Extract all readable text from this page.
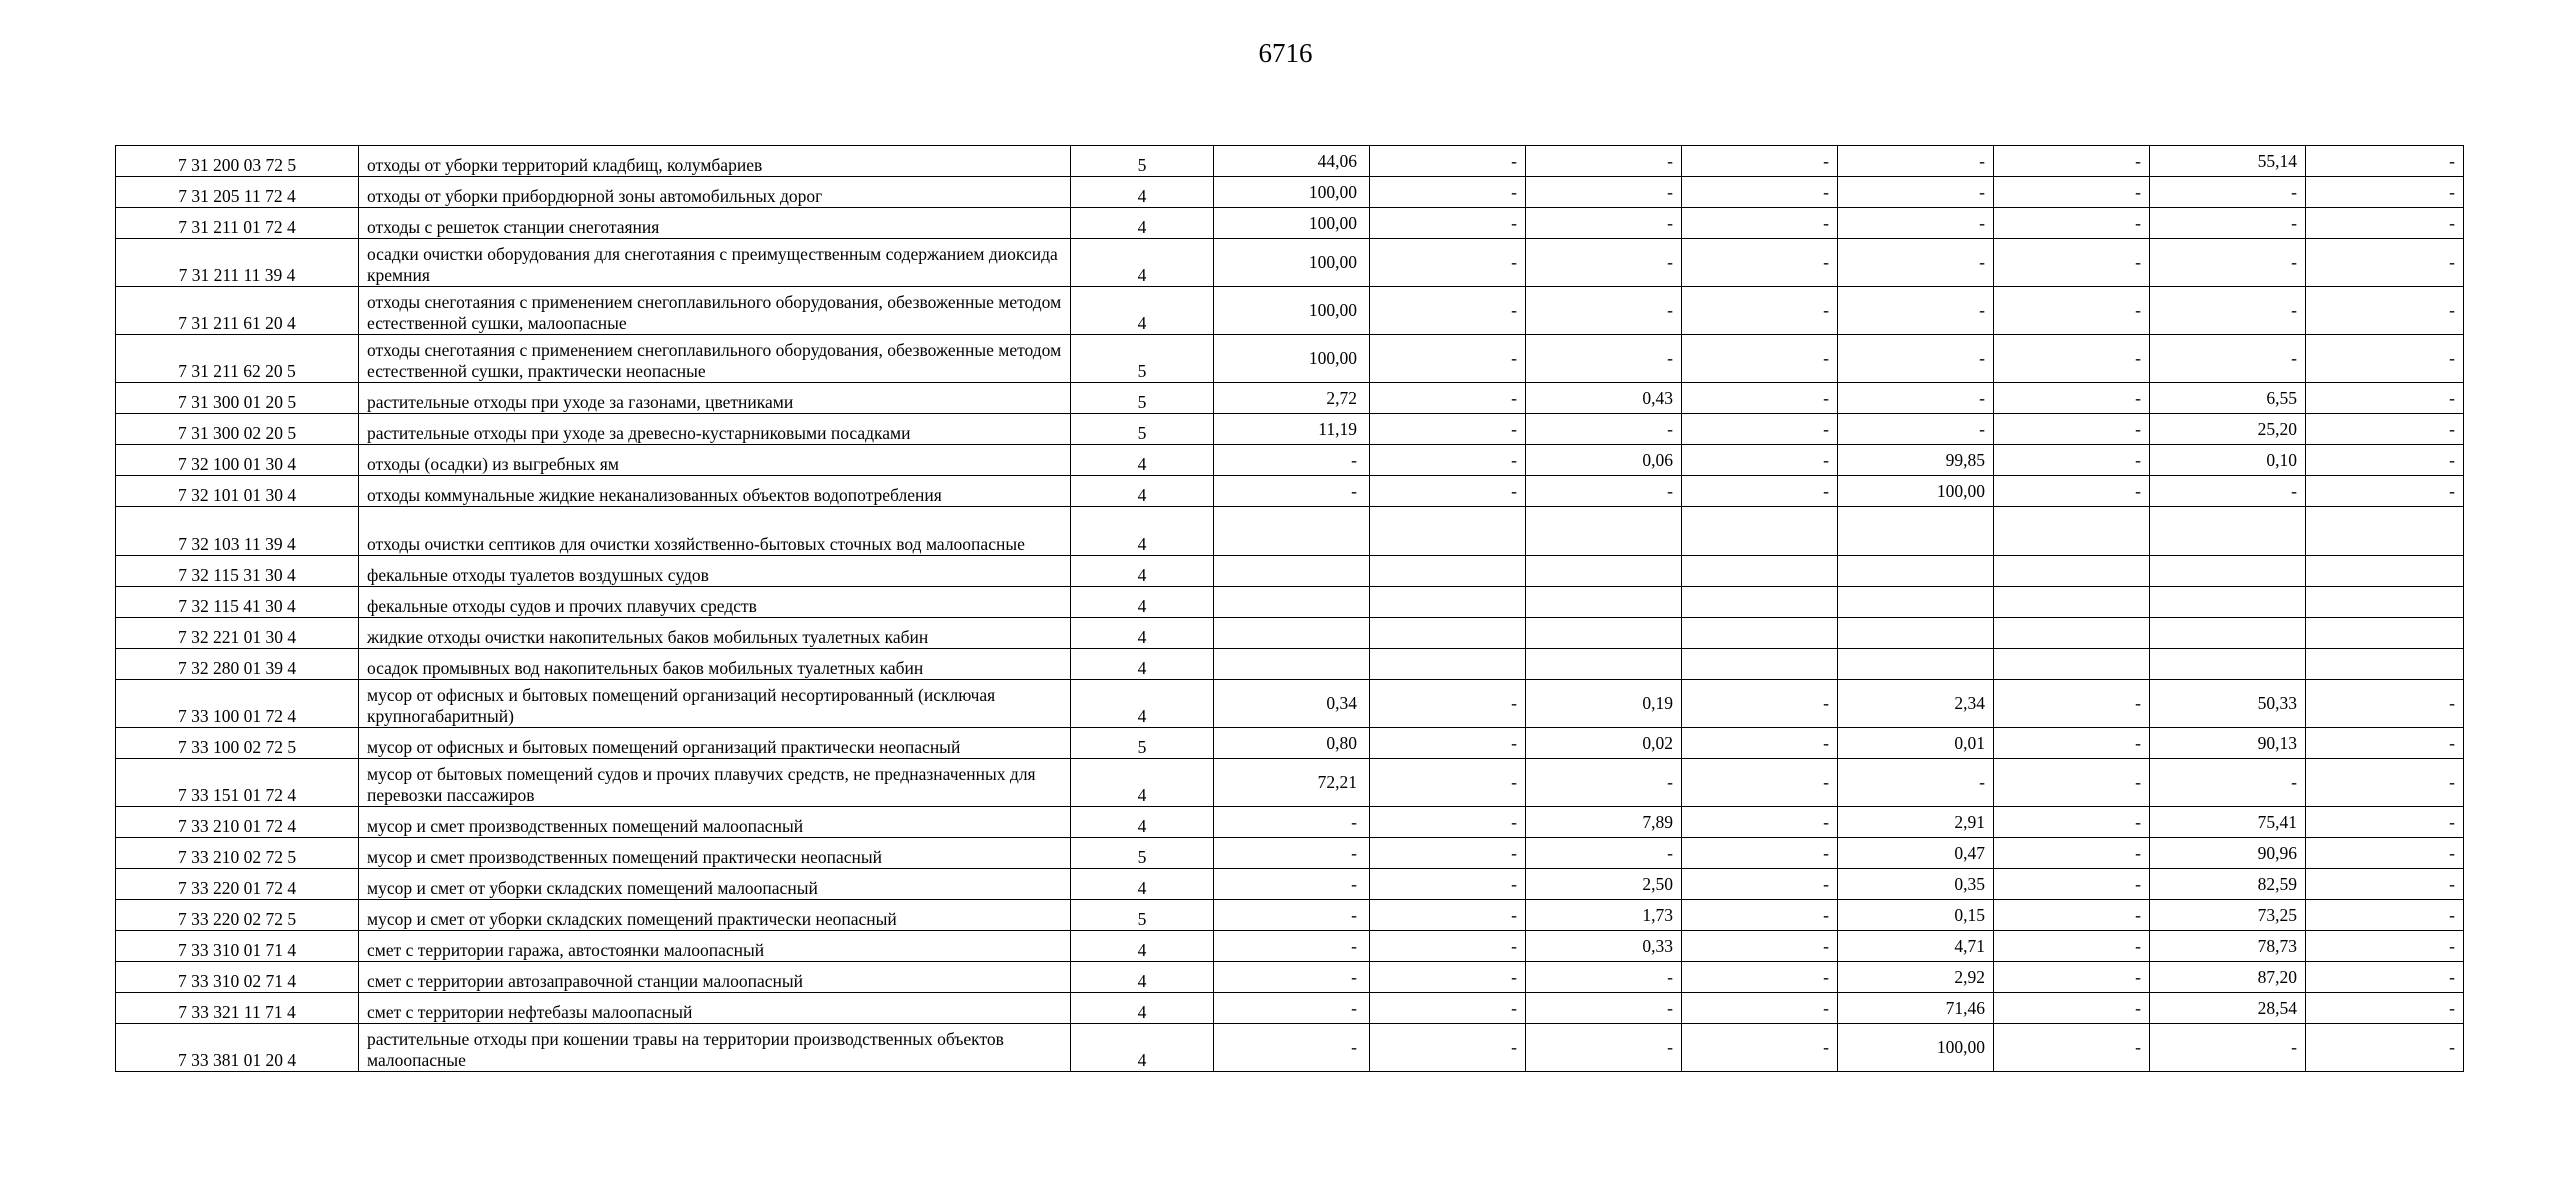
6716
7 31 200 03 72 5	отходы от уборки территорий кладбищ, колумбариев	5	44,06	-	-	-	-	-	55,14	-
7 31 205 11 72 4	отходы от уборки прибордюрной зоны автомобильных дорог	4	100,00	-	-	-	-	-	-	-
7 31 211 01 72 4	отходы с решеток станции снеготаяния	4	100,00	-	-	-	-	-	-	-
7 31 211 11 39 4	осадки очистки оборудования для снеготаяния с преимущественным содержанием диоксида кремния	4	100,00	-	-	-	-	-	-	-
7 31 211 61 20 4	отходы снеготаяния с применением снегоплавильного оборудования, обезвоженные методом естественной сушки, малоопасные	4	100,00	-	-	-	-	-	-	-
7 31 211 62 20 5	отходы снеготаяния с применением снегоплавильного оборудования, обезвоженные методом естественной сушки, практически неопасные	5	100,00	-	-	-	-	-	-	-
7 31 300 01 20 5	растительные отходы при уходе за газонами, цветниками	5	2,72	-	0,43	-	-	-	6,55	-
7 31 300 02 20 5	растительные отходы при уходе за древесно-кустарниковыми посадками	5	11,19	-	-	-	-	-	25,20	-
7 32 100 01 30 4	отходы (осадки) из выгребных ям	4	-	-	0,06	-	99,85	-	0,10	-
7 32 101 01 30 4	отходы коммунальные жидкие неканализованных объектов водопотребления	4	-	-	-	-	100,00	-	-	-
7 32 103 11 39 4	отходы очистки септиков для очистки хозяйственно-бытовых сточных вод малоопасные	4								
7 32 115 31 30 4	фекальные отходы туалетов воздушных судов	4								
7 32 115 41 30 4	фекальные отходы судов и прочих плавучих средств	4								
7 32 221 01 30 4	жидкие отходы очистки накопительных баков мобильных туалетных кабин	4								
7 32 280 01 39 4	осадок промывных вод накопительных баков мобильных туалетных кабин	4								
7 33 100 01 72 4	мусор от офисных и бытовых помещений организаций несортированный (исключая крупногабаритный)	4	0,34	-	0,19	-	2,34	-	50,33	-
7 33 100 02 72 5	мусор от офисных и бытовых помещений организаций практически неопасный	5	0,80	-	0,02	-	0,01	-	90,13	-
7 33 151 01 72 4	мусор от бытовых помещений судов и прочих плавучих средств, не предназначенных для перевозки пассажиров	4	72,21	-	-	-	-	-	-	-
7 33 210 01 72 4	мусор и смет производственных помещений малоопасный	4	-	-	7,89	-	2,91	-	75,41	-
7 33 210 02 72 5	мусор и смет производственных помещений практически неопасный	5	-	-	-	-	0,47	-	90,96	-
7 33 220 01 72 4	мусор и смет от уборки складских помещений малоопасный	4	-	-	2,50	-	0,35	-	82,59	-
7 33 220 02 72 5	мусор и смет от уборки складских помещений практически неопасный	5	-	-	1,73	-	0,15	-	73,25	-
7 33 310 01 71 4	смет с территории гаража, автостоянки малоопасный	4	-	-	0,33	-	4,71	-	78,73	-
7 33 310 02 71 4	смет с территории автозаправочной станции малоопасный	4	-	-	-	-	2,92	-	87,20	-
7 33 321 11 71 4	смет с территории нефтебазы малоопасный	4	-	-	-	-	71,46	-	28,54	-
7 33 381 01 20 4	растительные отходы при кошении травы на территории производственных объектов малоопасные	4	-	-	-	-	100,00	-	-	-
